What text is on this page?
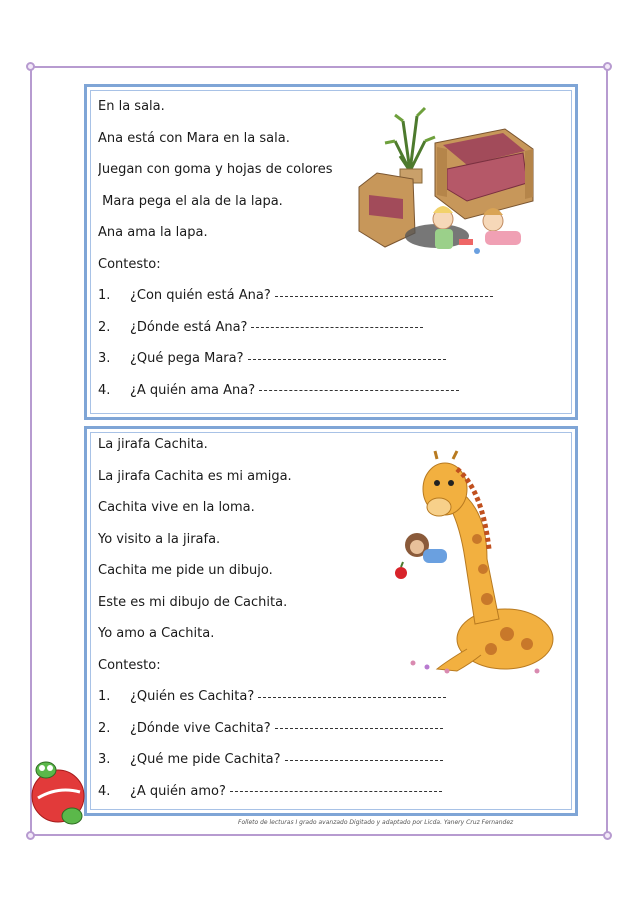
En la sala.
Ana está con Mara en la sala.
Juegan con goma y hojas de colores
Mara pega el ala de la lapa.
Ana ama la lapa.
Contesto:
1.	¿Con quién está Ana?
2.	¿Dónde está Ana?
3.	¿Qué pega Mara?
4.	¿A quién ama Ana?
La jirafa Cachita.
La jirafa Cachita es mi amiga.
Cachita vive en la loma.
Yo visito a la jirafa.
Cachita me pide un dibujo.
Este es mi dibujo de Cachita.
Yo amo a Cachita.
Contesto:
1.	¿Quién es Cachita?
2.	¿Dónde vive Cachita?
3.	¿Qué me pide Cachita?
4.	¿A quién amo?
Folleto de lecturas I grado avanzado Digitado y adaptado por Licda. Yanery Cruz Fernandez
